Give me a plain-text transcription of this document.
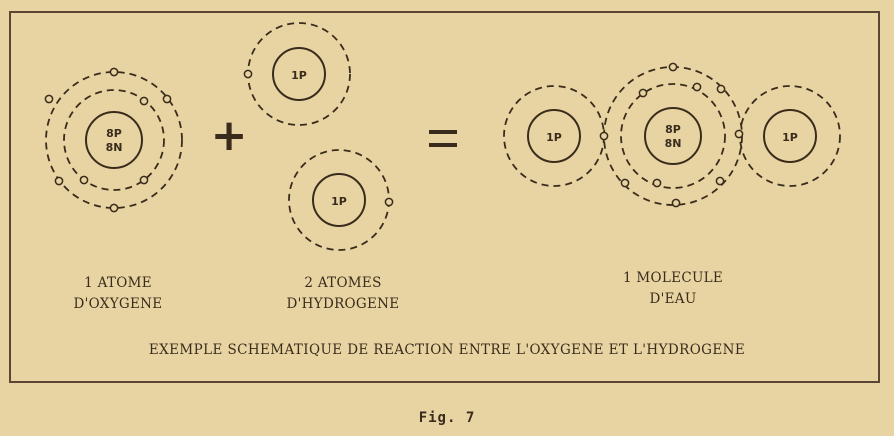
8P
8N +
1P
1P
1P
8P
8N	1P
1 ATOME
D'OXYGENE
2 ATOMES
D'HYDROGENE
1 MOLECULE
D'EAU
EXEMPLE SCHEMATIQUE DE REACTION ENTRE L'OXYGENE ET L'HYDROGENE
Fig. 7
